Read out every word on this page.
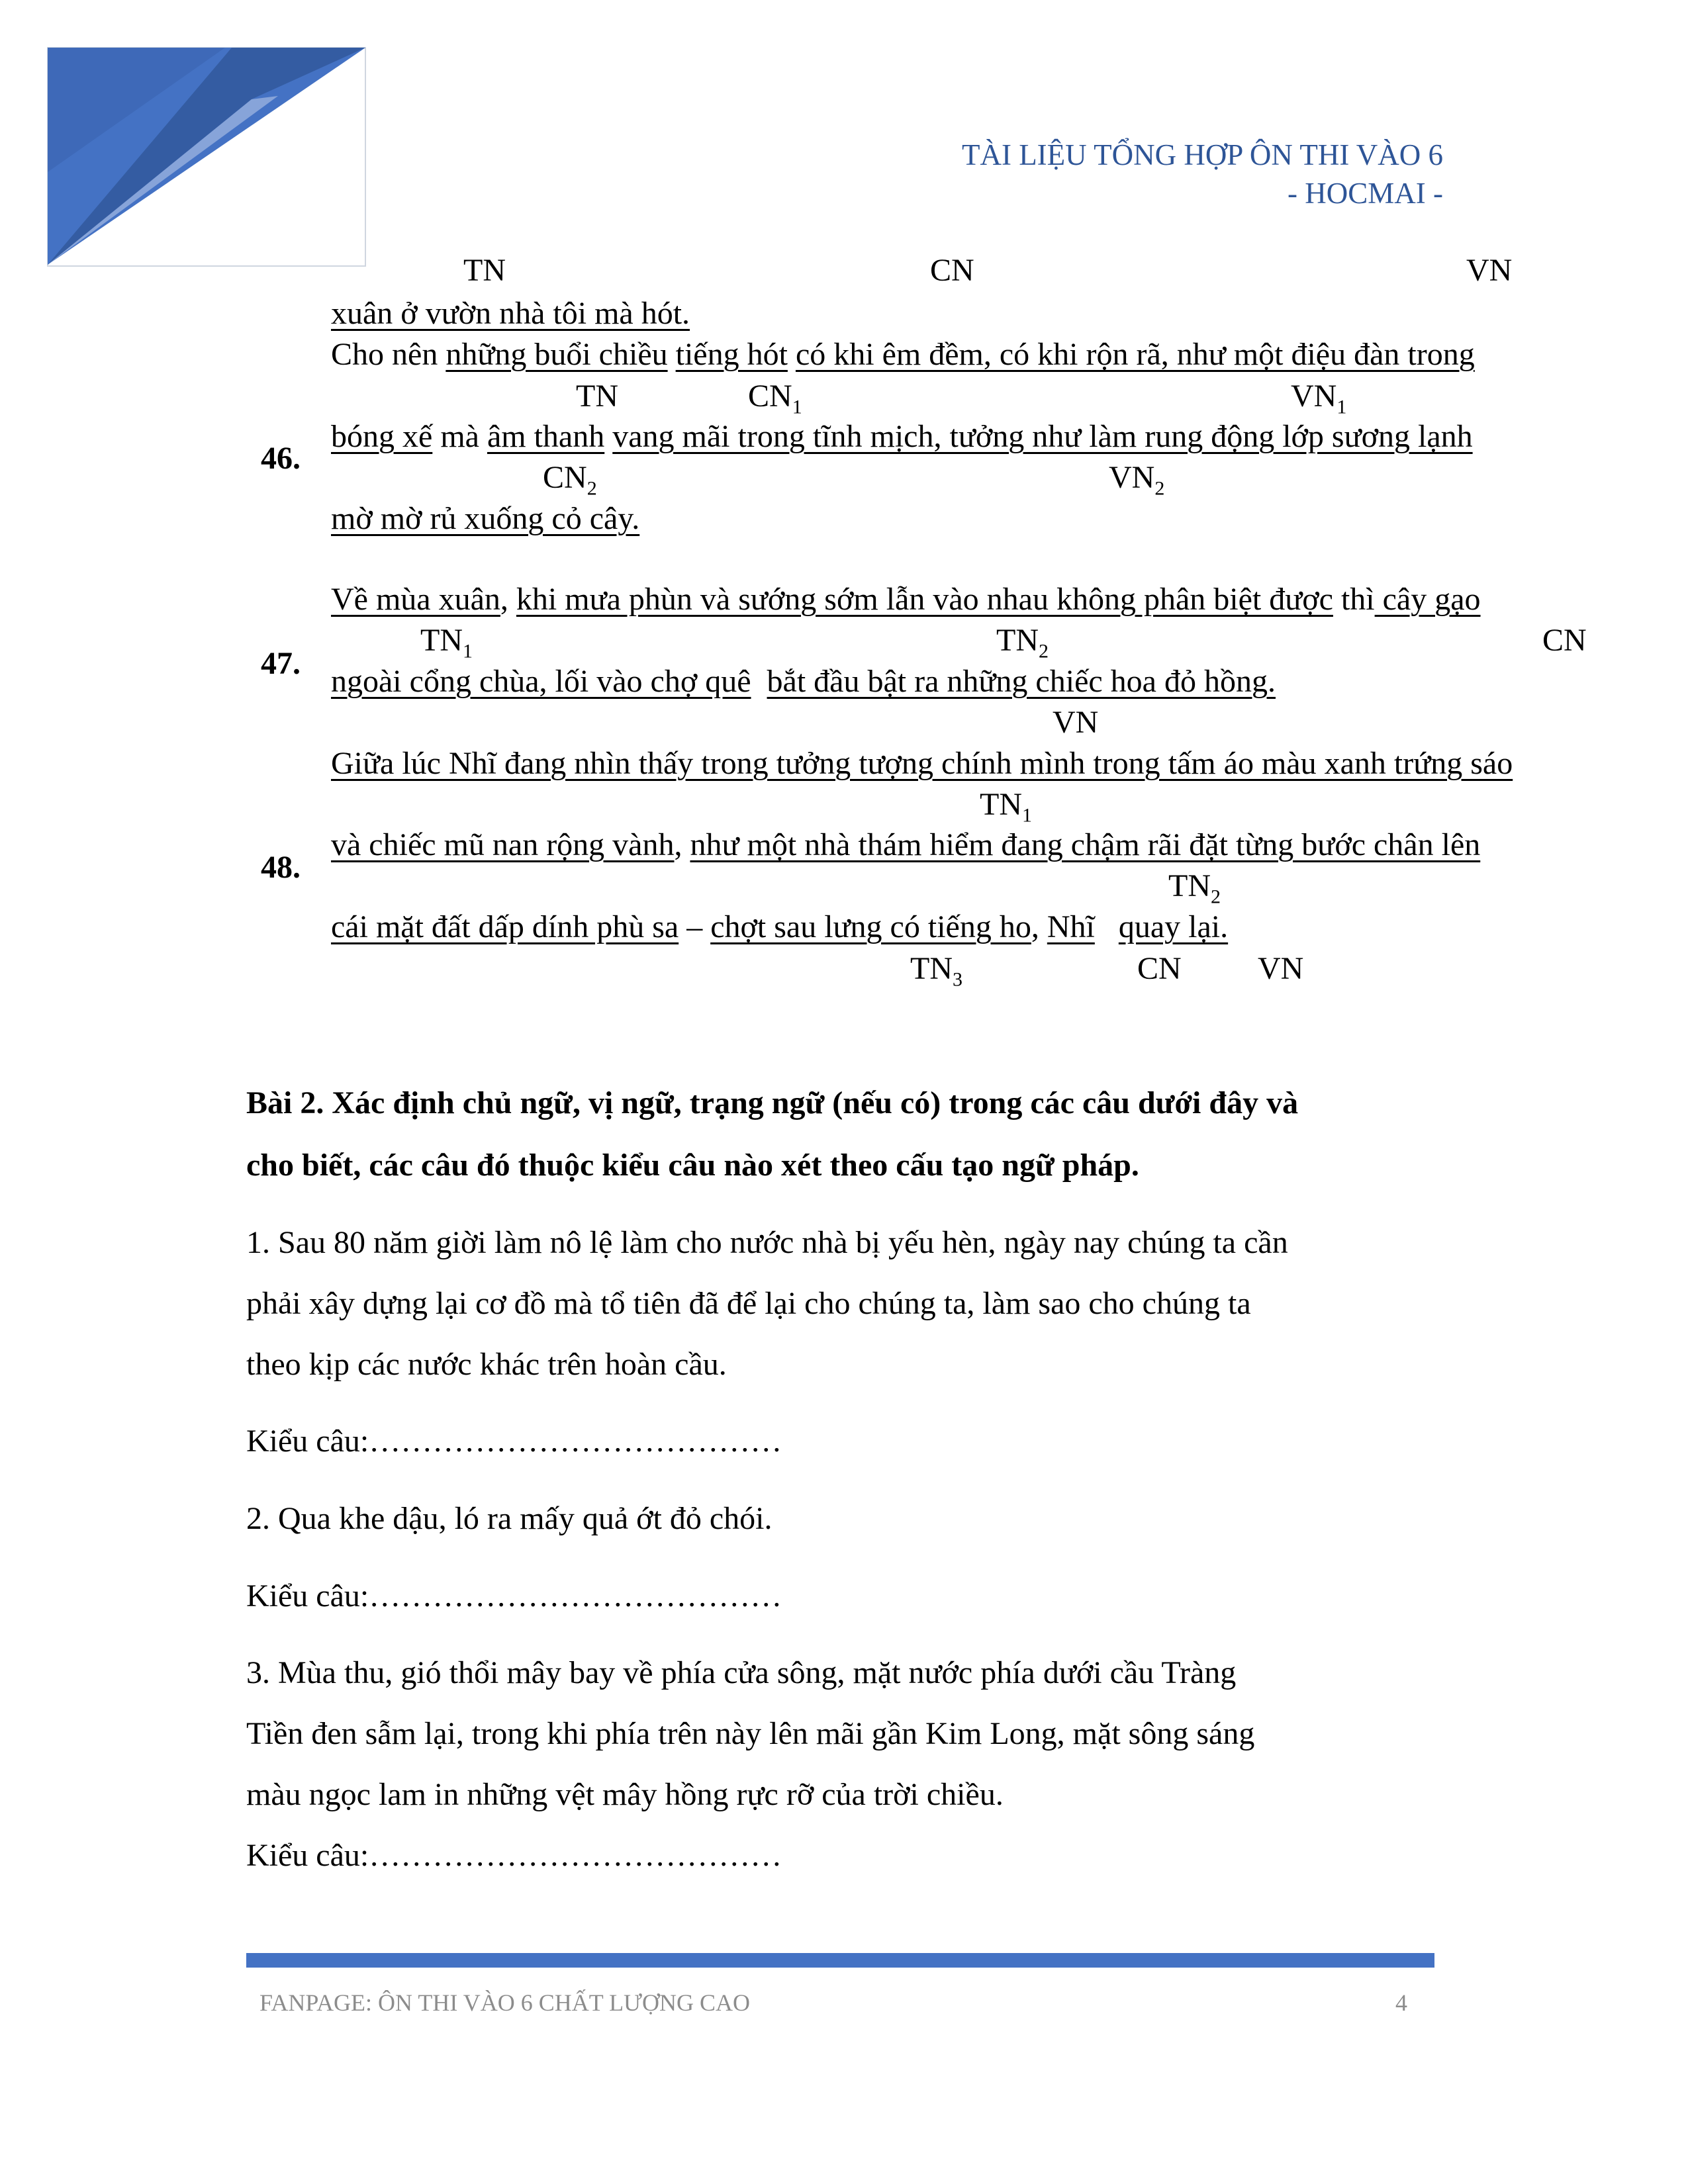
TÀI LIỆU TỔNG HỢP ÔN THI VÀO 6
- HOCMAI -
TN	CN	VN
xuân ở vườn nhà tôi mà hót.
46.
Cho nên những buổi chiều tiếng hót có khi êm đềm, có khi rộn rã, như một điệu đàn trong
TN	$CN_1$	$VN_1$
bóng xế mà âm thanh vang mãi trong tĩnh mịch, tưởng như làm rung động lớp sương lạnh
$CN_2$	$VN_2$
mờ mờ rủ xuống cỏ cây.
47.
Về mùa xuân, khi mưa phùn và sướng sớm lẫn vào nhau không phân biệt được thì cây gạo
$TN_1$	$TN_2$	CN
ngoài cổng chùa, lối vào chợ quê bắt đầu bật ra những chiếc hoa đỏ hồng.
VN
48.
Giữa lúc Nhĩ đang nhìn thấy trong tưởng tượng chính mình trong tấm áo màu xanh trứng sáo
$TN_1$
và chiếc mũ nan rộng vành, như một nhà thám hiểm đang chậm rãi đặt từng bước chân lên
$TN_2$
cái mặt đất dấp dính phù sa – chợt sau lưng có tiếng ho, Nhĩ quay lại.
$TN_3$	CN VN
Bài 2. Xác định chủ ngữ, vị ngữ, trạng ngữ (nếu có) trong các câu dưới đây và
cho biết, các câu đó thuộc kiểu câu nào xét theo cấu tạo ngữ pháp.
1. Sau 80 năm giời làm nô lệ làm cho nước nhà bị yếu hèn, ngày nay chúng ta cần
phải xây dựng lại cơ đồ mà tổ tiên đã để lại cho chúng ta, làm sao cho chúng ta
theo kịp các nước khác trên hoàn cầu.
Kiểu câu:…………………………………
2. Qua khe dậu, ló ra mấy quả ớt đỏ chói.
Kiểu câu:…………………………………
3. Mùa thu, gió thổi mây bay về phía cửa sông, mặt nước phía dưới cầu Tràng
Tiền đen sẫm lại, trong khi phía trên này lên mãi gần Kim Long, mặt sông sáng
màu ngọc lam in những vệt mây hồng rực rỡ của trời chiều.
Kiểu câu:…………………………………
FANPAGE: ÔN THI VÀO 6 CHẤT LƯỢNG CAO	4
